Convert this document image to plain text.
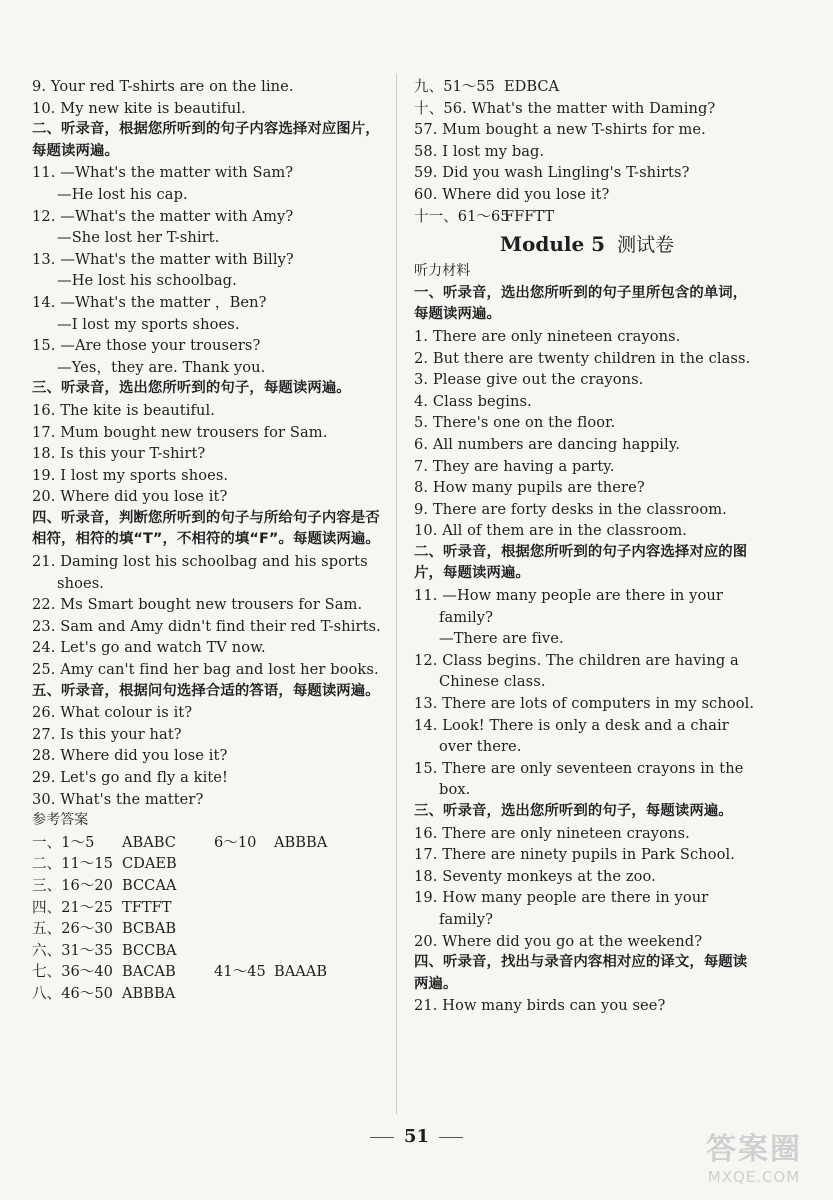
9. Your red T-shirts are on the line.
10. My new kite is beautiful.
二、听录音，根据您所听到的句子内容选择对应图片，每题读两遍。
11. —What's the matter with Sam?
—He lost his cap.
12. —What's the matter with Amy?
—She lost her T-shirt.
13. —What's the matter with Billy?
—He lost his schoolbag.
14. —What's the matter ，Ben?
—I lost my sports shoes.
15. —Are those your trousers?
—Yes，they are. Thank you.
三、听录音，选出您所听到的句子，每题读两遍。
16. The kite is beautiful.
17. Mum bought new trousers for Sam.
18. Is this your T-shirt?
19. I lost my sports shoes.
20. Where did you lose it?
四、听录音，判断您所听到的句子与所给句子内容是否相符，相符的填“T”，不相符的填“F”。每题读两遍。
21. Daming lost his schoolbag and his sports shoes.
22. Ms Smart bought new trousers for Sam.
23. Sam and Amy didn't find their red T-shirts.
24. Let's go and watch TV now.
25. Amy can't find her bag and lost her books.
五、听录音，根据问句选择合适的答语，每题读两遍。
26. What colour is it?
27. Is this your hat?
28. Where did you lose it?
29. Let's go and fly a kite!
30. What's the matter?
参考答案
一、1～5	ABABC	6～10	ABBBA
二、11～15 CDAEB
三、16～20 BCCAA
四、21～25 TFTFT
五、26～30 BCBAB
六、31～35 BCCBA
七、36～40 BACAB	41～45 BAAAB
八、46～50 ABBBA
九、51～55 EDBCA
十、56. What's the matter with Daming?
57. Mum bought a new T-shirts for me.
58. I lost my bag.
59. Did you wash Lingling's T-shirts?
60. Where did you lose it?
十一、61～65
FFFTT
Module 5 测试卷
听力材料
一、听录音，选出您所听到的句子里所包含的单词，每题读两遍。
1. There are only nineteen crayons.
2. But there are twenty children in the class.
3. Please give out the crayons.
4. Class begins.
5. There's one on the floor.
6. All numbers are dancing happily.
7. They are having a party.
8. How many pupils are there?
9. There are forty desks in the classroom.
10. All of them are in the classroom.
二、听录音，根据您所听到的句子内容选择对应的图片，每题读两遍。
11. —How many people are there in your family?
—There are five.
12. Class begins. The children are having a Chinese class.
13. There are lots of computers in my school.
14. Look! There is only a desk and a chair over there.
15. There are only seventeen crayons in the box.
三、听录音，选出您所听到的句子，每题读两遍。
16. There are only nineteen crayons.
17. There are ninety pupils in Park School.
18. Seventy monkeys at the zoo.
19. How many people are there in your family?
20. Where did you go at the weekend?
四、听录音，找出与录音内容相对应的译文，每题读两遍。
21. How many birds can you see?
51	答案圈
MXQE.COM
